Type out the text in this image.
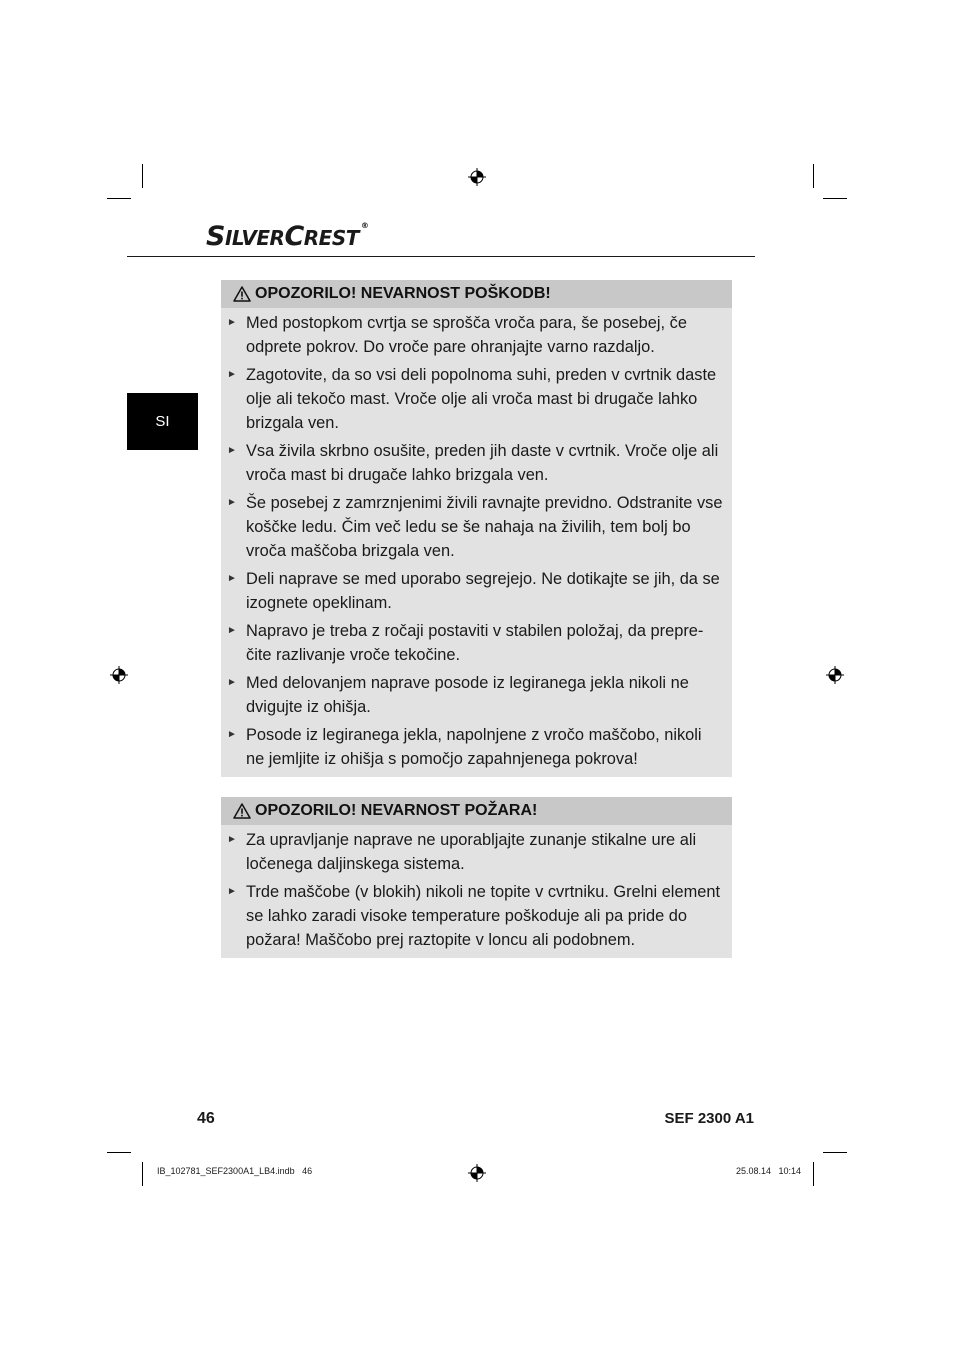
SILVERCREST®
SI
OPOZORILO! NEVARNOST POŠKODB!
► Med postopkom cvrtja se sprošča vroča para, še posebej, če odprete pokrov. Do vroče pare ohranjajte varno razdaljo.
► Zagotovite, da so vsi deli popolnoma suhi, preden v cvrtnik daste olje ali tekočo mast. Vroče olje ali vroča mast bi drugače lahko brizgala ven.
► Vsa živila skrbno osušite, preden jih daste v cvrtnik. Vroče olje ali vroča mast bi drugače lahko brizgala ven.
► Še posebej z zamrznjenimi živili ravnajte previdno. Odstranite vse koščke ledu. Čim več ledu se še nahaja na živilih, tem bolj bo vroča maščoba brizgala ven.
► Deli naprave se med uporabo segrejejo. Ne dotikajte se jih, da se izognete opeklinam.
► Napravo je treba z ročaji postaviti v stabilen položaj, da prepre-čite razlivanje vroče tekočine.
► Med delovanjem naprave posode iz legiranega jekla nikoli ne dvigujte iz ohišja.
► Posode iz legiranega jekla, napolnjene z vročo maščobo, nikoli ne jemljite iz ohišja s pomočjo zapahnjenega pokrova!
OPOZORILO! NEVARNOST POŽARA!
► Za upravljanje naprave ne uporabljajte zunanje stikalne ure ali ločenega daljinskega sistema.
► Trde maščobe (v blokih) nikoli ne topite v cvrtniku. Grelni element se lahko zaradi visoke temperature poškoduje ali pa pride do požara! Maščobo prej raztopite v loncu ali podobnem.
46	SEF 2300 A1
IB_102781_SEF2300A1_LB4.indb   46	25.08.14   10:14
